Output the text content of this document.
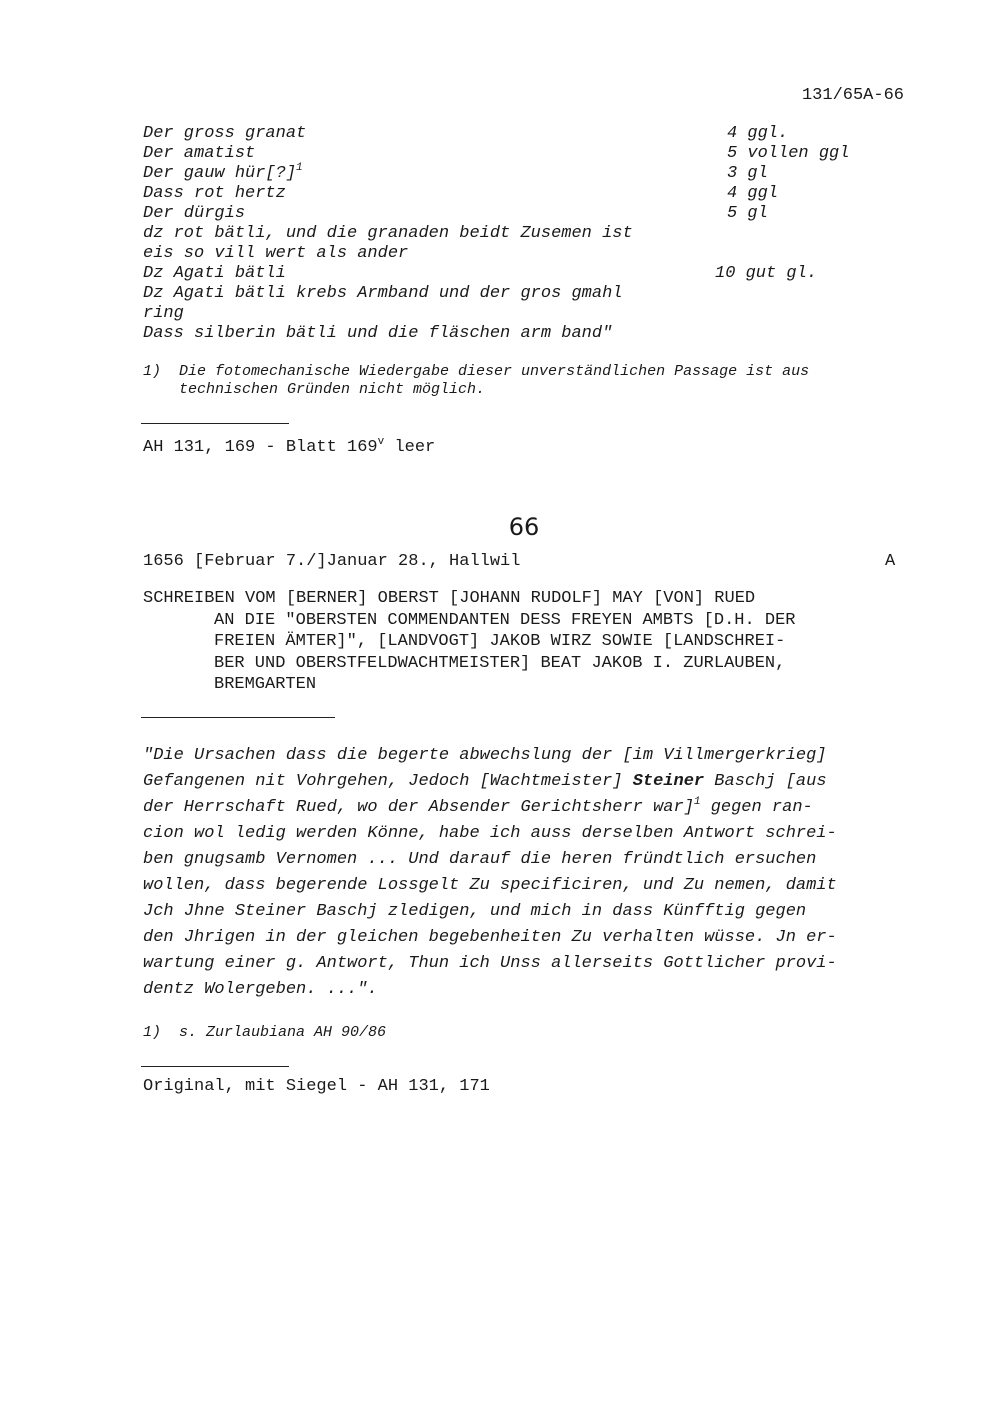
131/65A-66
Der gross granat	4 ggl.
Der amatist	5 vollen ggl
Der gauw hür[?]$^1$	3 gl
Dass rot hertz	4 ggl
Der dürgis	5 gl
dz rot bätli, und die granaden beidt Zusemen ist
eis so vill wert als ander
Dz Agati bätli	10 gut gl.
Dz Agati bätli krebs Armband und der gros gmahl
ring
Dass silberin bätli und die fläschen arm band"
1) Die fotomechanische Wiedergabe dieser unverständlichen Passage ist aus
technischen Gründen nicht möglich.
AH 131, 169 - Blatt 169$^v$ leer
66
1656 [Februar 7./]Januar 28., Hallwil	A
SCHREIBEN VOM [BERNER] OBERST [JOHANN RUDOLF] MAY [VON] RUED
AN DIE "OBERSTEN COMMENDANTEN DESS FREYEN AMBTS [D.H. DER
FREIEN ÄMTER]", [LANDVOGT] JAKOB WIRZ SOWIE [LANDSCHREI-
BER UND OBERSTFELDWACHTMEISTER] BEAT JAKOB I. ZURLAUBEN,
BREMGARTEN
"Die Ursachen dass die begerte abwechslung der [im Villmergerkrieg]
Gefangenen nit Vohrgehen, Jedoch [Wachtmeister] Steiner Baschj [aus
der Herrschaft Rued, wo der Absender Gerichtsherr war]$^1$ gegen ran-
cion wol ledig werden Könne, habe ich auss derselben Antwort schrei-
ben gnugsamb Vernomen ... Und darauf die heren fründtlich ersuchen
wollen, dass begerende Lossgelt Zu specificiren, und Zu nemen, damit
Jch Jhne Steiner Baschj zledigen, und mich in dass Künfftig gegen
den Jhrigen in der gleichen begebenheiten Zu verhalten wüsse. Jn er-
wartung einer g. Antwort, Thun ich Unss allerseits Gottlicher provi-
dentz Wolergeben. ...".
1) s. Zurlaubiana AH 90/86
Original, mit Siegel - AH 131, 171
